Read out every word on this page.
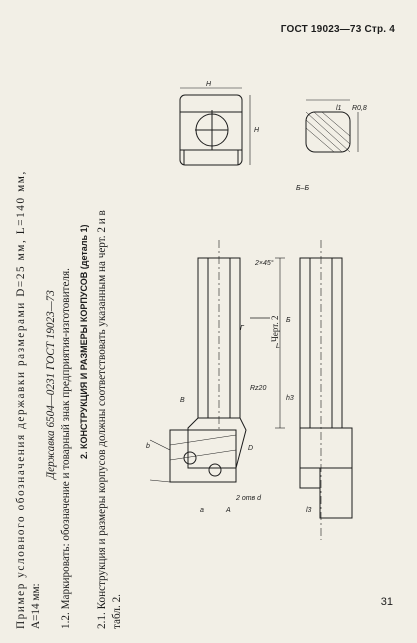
ГОСТ 19023—73 Стр. 4

Пример условного обозначения державки размерами D=25 мм, L=140 мм, A=14 мм:

Державка 6504—0231 ГОСТ 19023—73 1.2. Маркировать: обозначение и товарный знак предприятия-изготовителя. 2. КОНСТРУКЦИЯ И РАЗМЕРЫ КОРПУСОВ (деталь 1) 2.1. Конструкция и размеры корпусов должны соответствовать указанным на черт. 2 и в табл. 2.

H
H
Б–Б
R0,8
2×45°
L
B
Г
b
Б
h3
2 отв d
Rz20
l1
D
a	A	l3
Черт. 2
31
